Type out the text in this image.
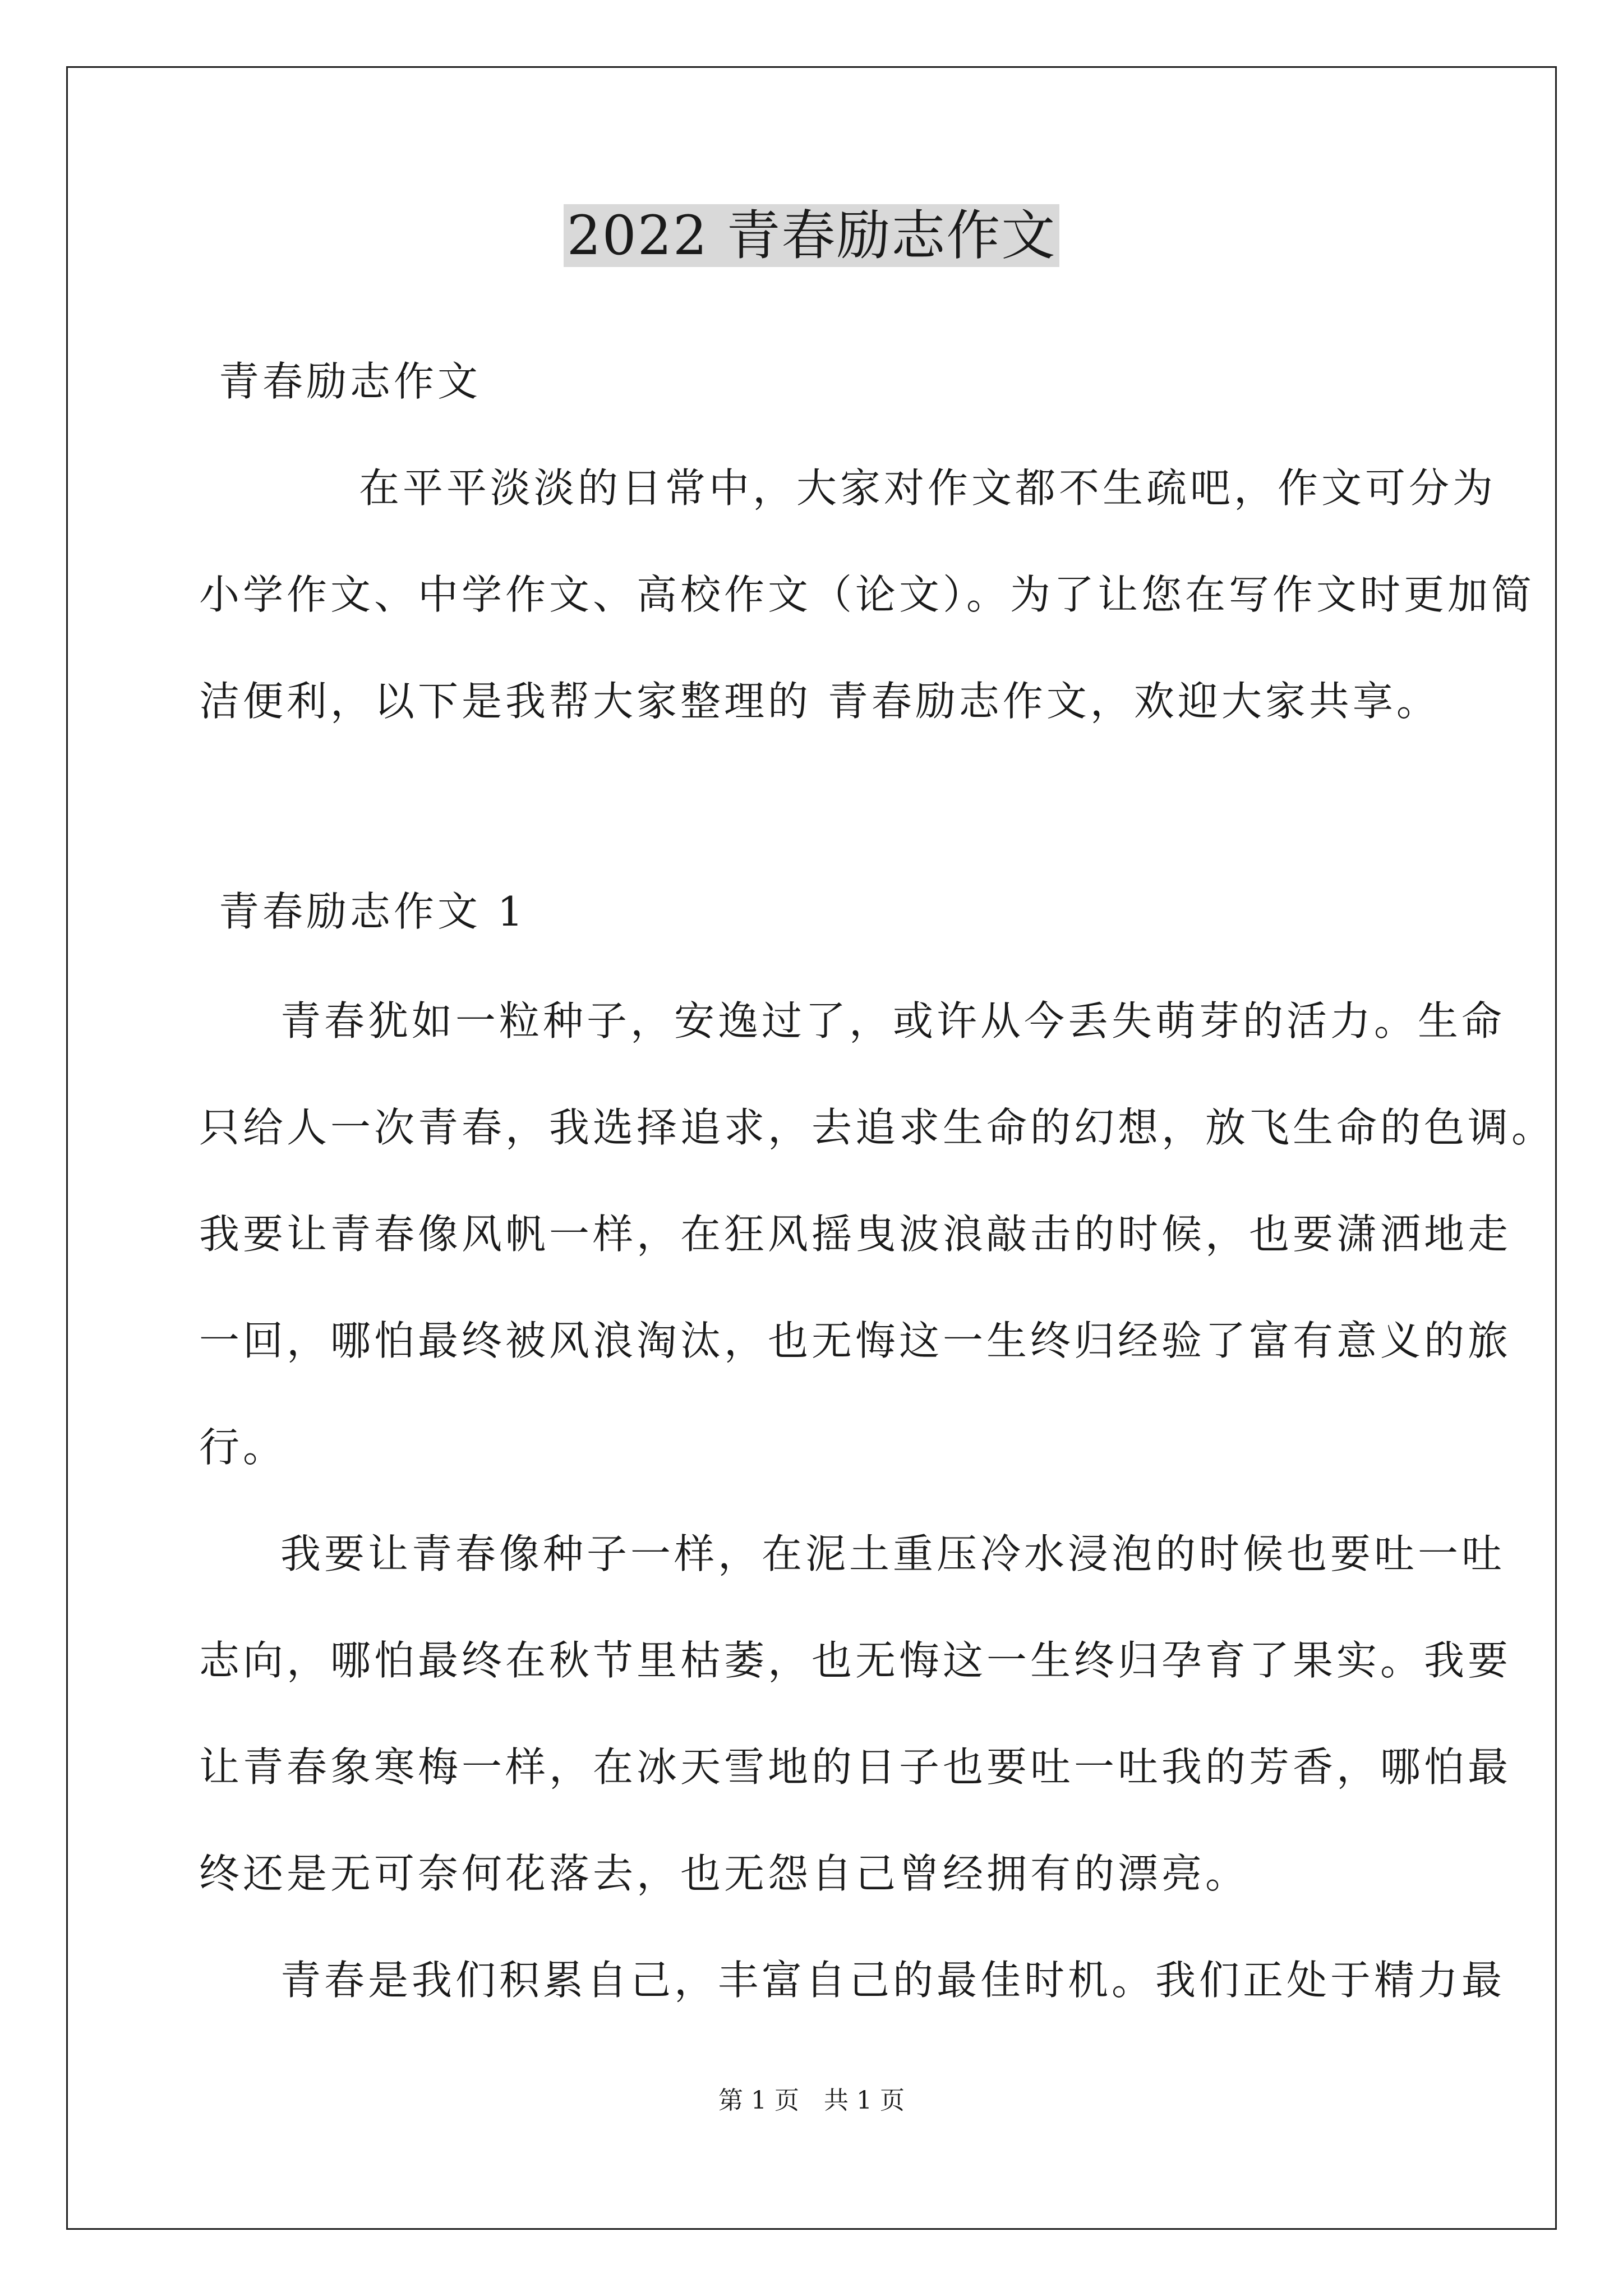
2022 青春励志作文
青春励志作文
在平平淡淡的日常中，大家对作文都不生疏吧，作文可分为
小学作文、中学作文、高校作文（论文）。为了让您在写作文时更加简
洁便利，以下是我帮大家整理的 青春励志作文，欢迎大家共享。
青春励志作文 1
青春犹如一粒种子，安逸过了，或许从今丢失萌芽的活力。生命
只给人一次青春，我选择追求，去追求生命的幻想，放飞生命的色调。
我要让青春像风帆一样，在狂风摇曳波浪敲击的时候，也要潇洒地走
一回，哪怕最终被风浪淘汰，也无悔这一生终归经验了富有意义的旅
行。
我要让青春像种子一样，在泥土重压冷水浸泡的时候也要吐一吐
志向，哪怕最终在秋节里枯萎，也无悔这一生终归孕育了果实。我要
让青春象寒梅一样，在冰天雪地的日子也要吐一吐我的芳香，哪怕最
终还是无可奈何花落去，也无怨自己曾经拥有的漂亮。
青春是我们积累自己，丰富自己的最佳时机。我们正处于精力最
第 1 页　共 1 页
